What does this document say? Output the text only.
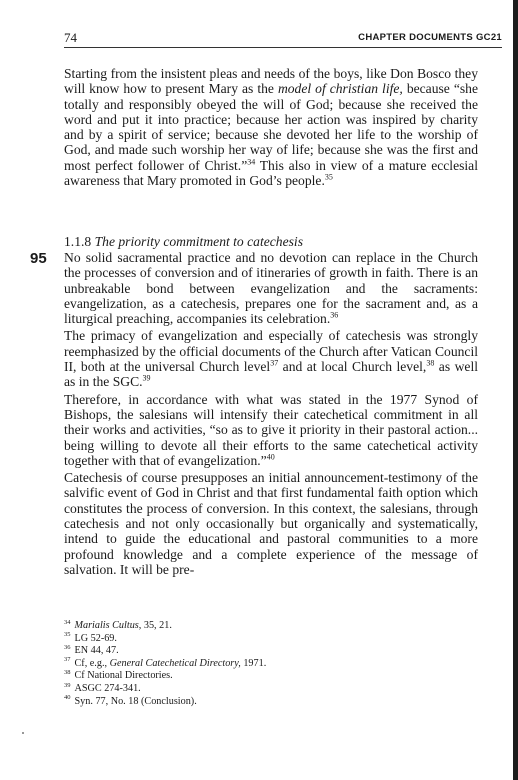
74	CHAPTER DOCUMENTS GC21

Starting from the insistent pleas and needs of the boys, like Don Bosco they will know how to present Mary as the model of christian life, because “she totally and responsibly obeyed the will of God; because she received the word and put it into practice; because her action was inspired by charity and by a spirit of service; because she devoted her life to the worship of God, and made such worship her way of life; because she was the first and most perfect follower of Christ.”$^{34}$ This also in view of a mature ecclesial awareness that Mary promoted in God’s people.$^{35}$

1.1.8 The priority commitment to catechesis
95 No solid sacramental practice and no devotion can replace in the Church the processes of conversion and of itineraries of growth in faith. There is an unbreakable bond between evangelization and the sacraments: evangelization, as a catechesis, prepares one for the sacrament and, as a liturgical preaching, accompanies its celebration.$^{36}$

The primacy of evangelization and especially of catechesis was strongly reemphasized by the official documents of the Church after Vatican Council II, both at the universal Church level$^{37}$ and at local Church level,$^{38}$ as well as in the SGC.$^{39}$

Therefore, in accordance with what was stated in the 1977 Synod of Bishops, the salesians will intensify their catechetical commitment in all their works and activities, “so as to give it priority in their pastoral action... being willing to devote all their efforts to the same catechetical activity together with that of evangelization.”$^{40}$

Catechesis of course presupposes an initial announcement-testimony of the salvific event of God in Christ and that first fundamental faith option which constitutes the process of conversion. In this context, the salesians, through catechesis and not only occasionally but organically and systematically, intend to guide the educational and pastoral communities to a more profound knowledge and a complete experience of the message of salvation. It will be pre-

$^{34}$ Marialis Cultus, 35, 21.
$^{35}$ LG 52-69.
$^{36}$ EN 44, 47.
$^{37}$ Cf, e.g., General Catechetical Directory, 1971.
$^{38}$ Cf National Directories.
$^{39}$ ASGC 274-341.
$^{40}$ Syn. 77, No. 18 (Conclusion).
